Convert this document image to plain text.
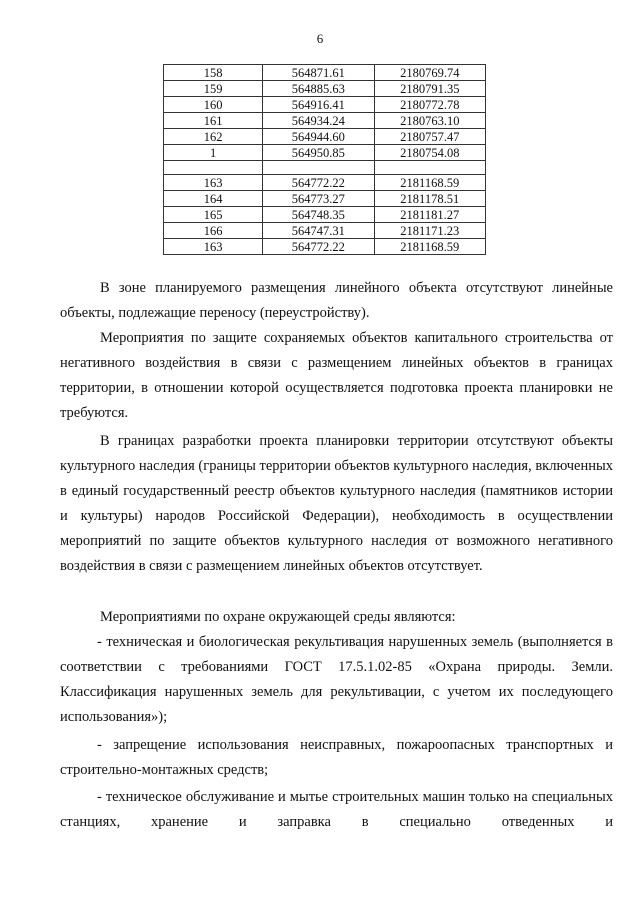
6
158	564871.61	2180769.74
159	564885.63	2180791.35
160	564916.41	2180772.78
161	564934.24	2180763.10
162	564944.60	2180757.47
1	564950.85	2180754.08

163	564772.22	2181168.59
164	564773.27	2181178.51
165	564748.35	2181181.27
166	564747.31	2181171.23
163	564772.22	2181168.59

В зоне планируемого размещения линейного объекта отсутствуют линейные объекты, подлежащие переносу (переустройству).

Мероприятия по защите сохраняемых объектов капитального строительства от негативного воздействия в связи с размещением линейных объектов в границах территории, в отношении которой осуществляется подготовка проекта планировки не требуются.

В границах разработки проекта планировки территории отсутствуют объекты культурного наследия (границы территории объектов культурного наследия, включенных в единый государственный реестр объектов культурного наследия (памятников истории и культуры) народов Российской Федерации), необходимость в осуществлении мероприятий по защите объектов культурного наследия от возможного негативного воздействия в связи с размещением линейных объектов отсутствует.

Мероприятиями по охране окружающей среды являются:

- техническая и биологическая рекультивация нарушенных земель (выполняется в соответствии с требованиями ГОСТ 17.5.1.02-85 «Охрана природы. Земли. Классификация нарушенных земель для рекультивации, с учетом их последующего использования»);

- запрещение использования неисправных, пожароопасных транспортных и строительно-монтажных средств;

- техническое обслуживание и мытье строительных машин только на специальных станциях, хранение и заправка в специально отведенных и
